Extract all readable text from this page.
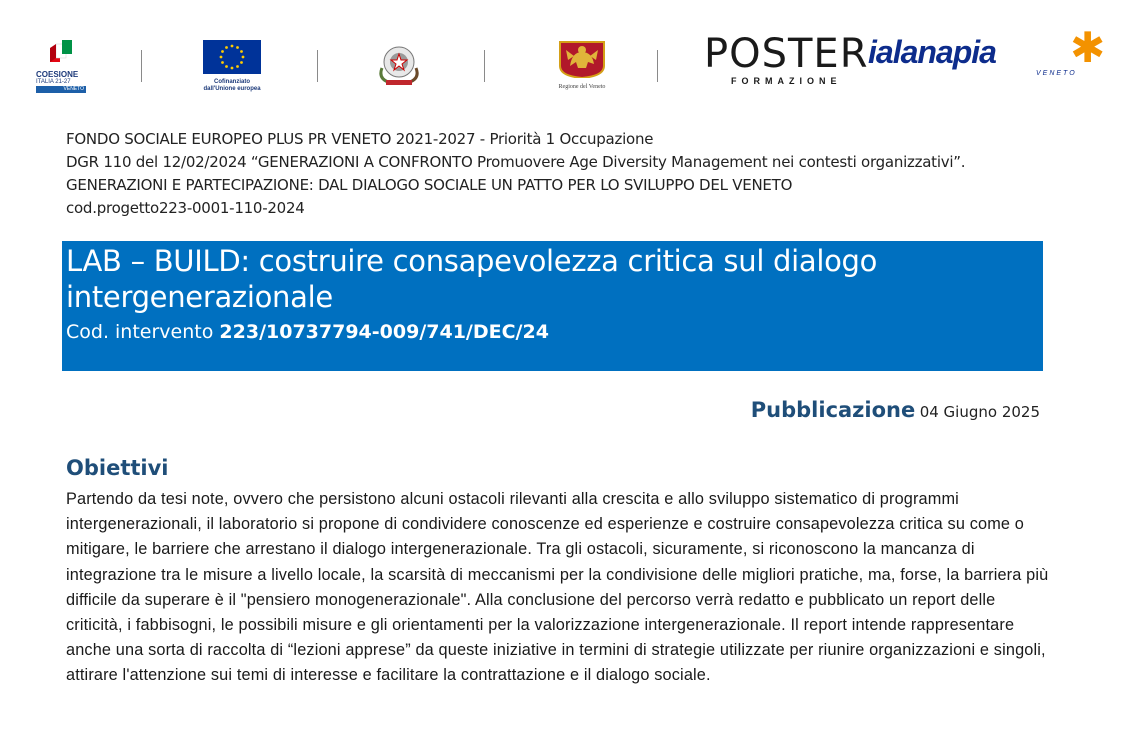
COESIONE
ITALIA 21-27
VENETO
Cofinanziato
dall'Unione europea	Regione del Veneto
POSTER
FORMAZIONE
ialanapia ✱
VENETO

FONDO SOCIALE EUROPEO PLUS PR VENETO 2021-2027 - Priorità 1 Occupazione

DGR 110 del 12/02/2024 “GENERAZIONI A CONFRONTO Promuovere Age Diversity Management nei contesti organizzativi”. GENERAZIONI E PARTECIPAZIONE: DAL DIALOGO SOCIALE UN PATTO PER LO SVILUPPO DEL VENETO

cod.progetto223-0001-110-2024

LAB – BUILD: costruire consapevolezza critica sul dialogo intergenerazionale
Cod. intervento 223/10737794-009/741/DEC/24
Pubblicazione 04 Giugno 2025
Obiettivi

Partendo da tesi note, ovvero che persistono alcuni ostacoli rilevanti alla crescita e allo sviluppo sistematico di programmi intergenerazionali, il laboratorio si propone di condividere conoscenze ed esperienze e costruire consapevolezza critica su come o mitigare, le barriere che arrestano il dialogo intergenerazionale. Tra gli ostacoli, sicuramente, si riconoscono la mancanza di integrazione tra le misure a livello locale, la scarsità di meccanismi per la condivisione delle migliori pratiche, ma, forse, la barriera più difficile da superare è il "pensiero monogenerazionale". Alla conclusione del percorso verrà redatto e pubblicato un report delle criticità, i fabbisogni, le possibili misure e gli orientamenti per la valorizzazione intergenerazionale. Il report intende rappresentare anche una sorta di raccolta di “lezioni apprese” da queste iniziative in termini di strategie utilizzate per riunire organizzazioni e singoli, attirare l'attenzione sui temi di interesse e facilitare la contrattazione e il dialogo sociale.
